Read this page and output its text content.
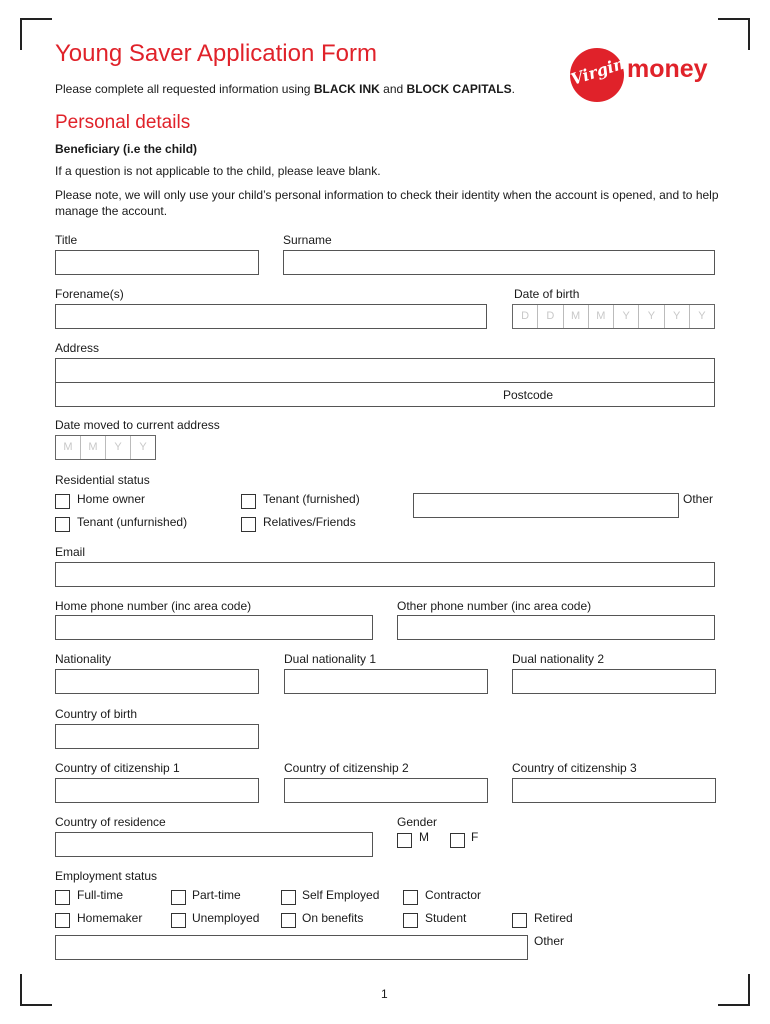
Young Saver Application Form
Please complete all requested information using BLACK INK and BLOCK CAPITALS.
Virgin money
Personal details
Beneficiary (i.e the child)
If a question is not applicable to the child, please leave blank.
Please note, we will only use your child’s personal information to check their identity when the account is opened, and to help manage the account.
Title	Surname
Forename(s)	Date of birth
D	D	M	M	Y	Y	Y	Y
Address
Postcode
Date moved to current address
M	M	Y	Y
Residential status
Home owner	Tenant (furnished)	Other
Tenant (unfurnished)	Relatives/Friends
Email
Home phone number (inc area code)	Other phone number (inc area code)
Nationality	Dual nationality 1	Dual nationality 2
Country of birth
Country of citizenship 1	Country of citizenship 2	Country of citizenship 3
Country of residence	Gender
M	F
Employment status
Full-time	Part-time	Self Employed	Contractor
Homemaker	Unemployed	On benefits	Student	Retired
Other
1
